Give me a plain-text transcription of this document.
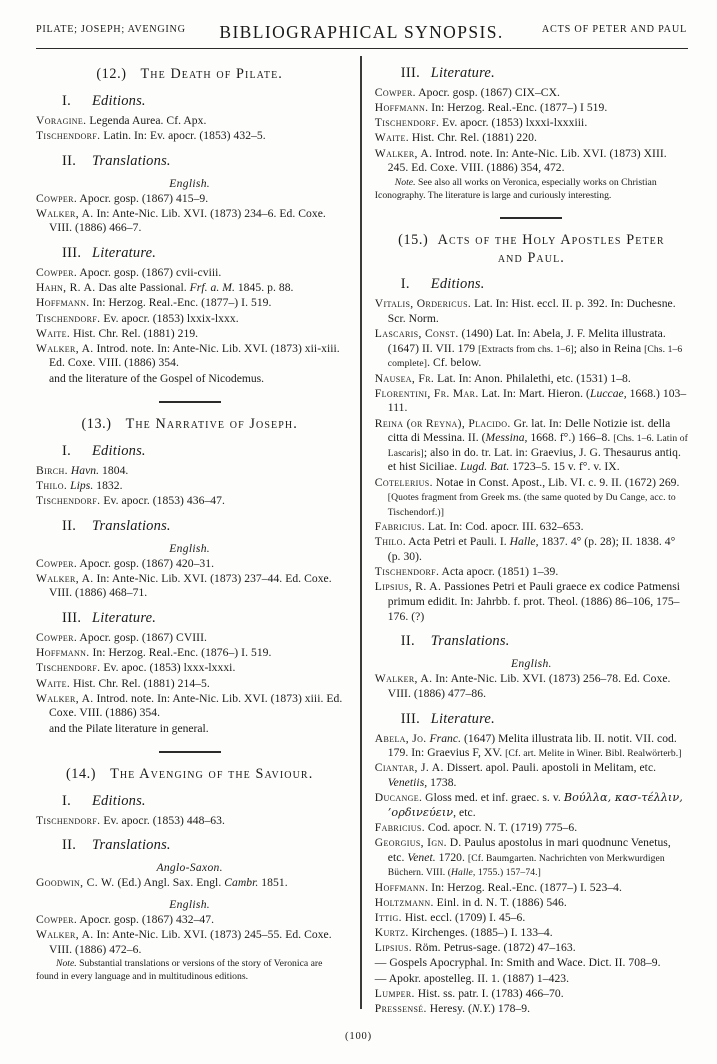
PILATE; JOSEPH; AVENGING BIBLIOGRAPHICAL SYNOPSIS.	ACTS OF PETER AND PAUL
(12.) The Death of Pilate.
I. Editions.
Voragine. Legenda Aurea. Cf. Apx.
Tischendorf. Latin. In: Ev. apocr. (1853) 432–5.
II. Translations.
English.
Cowper. Apocr. gosp. (1867) 415–9.
Walker, A. In: Ante-Nic. Lib. XVI. (1873) 234–6. Ed. Coxe. VIII. (1886) 466–7.
III. Literature.
Cowper. Apocr. gosp. (1867) cvii-cviii.
Hahn, R. A. Das alte Passional. Frf. a. M. 1845. p. 88.
Hoffmann. In: Herzog. Real.-Enc. (1877–) I. 519.
Tischendorf. Ev. apocr. (1853) lxxix-lxxx.
Waite. Hist. Chr. Rel. (1881) 219.
Walker, A. Introd. note. In: Ante-Nic. Lib. XVI. (1873) xii-xiii. Ed. Coxe. VIII. (1886) 354.
and the literature of the Gospel of Nicodemus.
(13.) The Narrative of Joseph.
I. Editions.
Birch. Havn. 1804.
Thilo. Lips. 1832.
Tischendorf. Ev. apocr. (1853) 436–47.
II. Translations.
English.
Cowper. Apocr. gosp. (1867) 420–31.
Walker, A. In: Ante-Nic. Lib. XVI. (1873) 237–44. Ed. Coxe. VIII. (1886) 468–71.
III. Literature.
Cowper. Apocr. gosp. (1867) CVIII.
Hoffmann. In: Herzog. Real.-Enc. (1876–) I. 519.
Tischendorf. Ev. apoc. (1853) lxxx-lxxxi.
Waite. Hist. Chr. Rel. (1881) 214–5.
Walker, A. Introd. note. In: Ante-Nic. Lib. XVI. (1873) xiii. Ed. Coxe. VIII. (1886) 354.
and the Pilate literature in general.
(14.) The Avenging of the Saviour.
I. Editions.
Tischendorf. Ev. apocr. (1853) 448–63.
II. Translations.
Anglo-Saxon.
Goodwin, C. W. (Ed.) Angl. Sax. Engl. Cambr. 1851.
English.
Cowper. Apocr. gosp. (1867) 432–47.
Walker, A. In: Ante-Nic. Lib. XVI. (1873) 245–55. Ed. Coxe. VIII. (1886) 472–6.
Note. Substantial translations or versions of the story of Veronica are found in every language and in multitudinous editions.
III. Literature.
Cowper. Apocr. gosp. (1867) CIX–CX.
Hoffmann. In: Herzog. Real.-Enc. (1877–) I 519.
Tischendorf. Ev. apocr. (1853) lxxxi-lxxxiii.
Waite. Hist. Chr. Rel. (1881) 220.
Walker, A. Introd. note. In: Ante-Nic. Lib. XVI. (1873) XIII. 245. Ed. Coxe. VIII. (1886) 354, 472.
Note. See also all works on Veronica, especially works on Christian Iconography. The literature is large and curiously interesting.
(15.) Acts of the Holy Apostles Peter
and Paul.
I. Editions.
Vitalis, Ordericus. Lat. In: Hist. eccl. II. p. 392. In: Duchesne. Scr. Norm.
Lascaris, Const. (1490) Lat. In: Abela, J. F. Melita illustrata. (1647) II. VII. 179 [Extracts from chs. 1–6]; also in Reina [Chs. 1–6 complete]. Cf. below.
Nausea, Fr. Lat. In: Anon. Philalethi, etc. (1531) 1–8.
Florentini, Fr. Mar. Lat. In: Mart. Hieron. (Luccae, 1668.) 103–111.
Reina (or Reyna), Placido. Gr. lat. In: Delle Notizie ist. della citta di Messina. II. (Messina, 1668. f°.) 166–8. [Chs. 1–6. Latin of Lascaris]; also in do. tr. Lat. in: Graevius, J. G. Thesaurus antiq. et hist Siciliae. Lugd. Bat. 1723–5. 15 v. f°. v. IX.
Cotelerius. Notae in Const. Apost., Lib. VI. c. 9. II. (1672) 269. [Quotes fragment from Greek ms. (the same quoted by Du Cange, acc. to Tischendorf.)]
Fabricius. Lat. In: Cod. apocr. III. 632–653.
Thilo. Acta Petri et Pauli. I. Halle, 1837. 4° (p. 28); II. 1838. 4° (p. 30).
Tischendorf. Acta apocr. (1851) 1–39.
Lipsius, R. A. Passiones Petri et Pauli graece ex codice Patmensi primum edidit. In: Jahrbb. f. prot. Theol. (1886) 86–106, 175–176. (?)
II. Translations.
English.
Walker, A. In: Ante-Nic. Lib. XVI. (1873) 256–78. Ed. Coxe. VIII. (1886) 477–86.
III. Literature.
Abela, Jo. Franc. (1647) Melita illustrata lib. II. notit. VII. cod. 179. In: Graevius F, XV. [Cf. art. Melite in Winer. Bibl. Realwörterb.]
Ciantar, J. A. Dissert. apol. Pauli. apostoli in Melitam, etc. Venetiis, 1738.
Ducange. Gloss med. et inf. graec. s. v. Βούλλα, κασ-τέλλιν, ’ορδινεύειν, etc.
Fabricius. Cod. apocr. N. T. (1719) 775–6.
Georgius, Ign. D. Paulus apostolus in mari quodnunc Venetus, etc. Venet. 1720. [Cf. Baumgarten. Nachrichten von Merkwurdigen Büchern. VIII. (Halle, 1755.) 157–74.]
Hoffmann. In: Herzog. Real.-Enc. (1877–) I. 523–4.
Holtzmann. Einl. in d. N. T. (1886) 546.
Ittig. Hist. eccl. (1709) I. 45–6.
Kurtz. Kirchenges. (1885–) I. 133–4.
Lipsius. Röm. Petrus-sage. (1872) 47–163.
— Gospels Apocryphal. In: Smith and Wace. Dict. II. 708–9.
— Apokr. apostelleg. II. 1. (1887) 1–423.
Lumper. Hist. ss. patr. I. (1783) 466–70.
Pressensé. Heresy. (N.Y.) 178–9.
(100)
